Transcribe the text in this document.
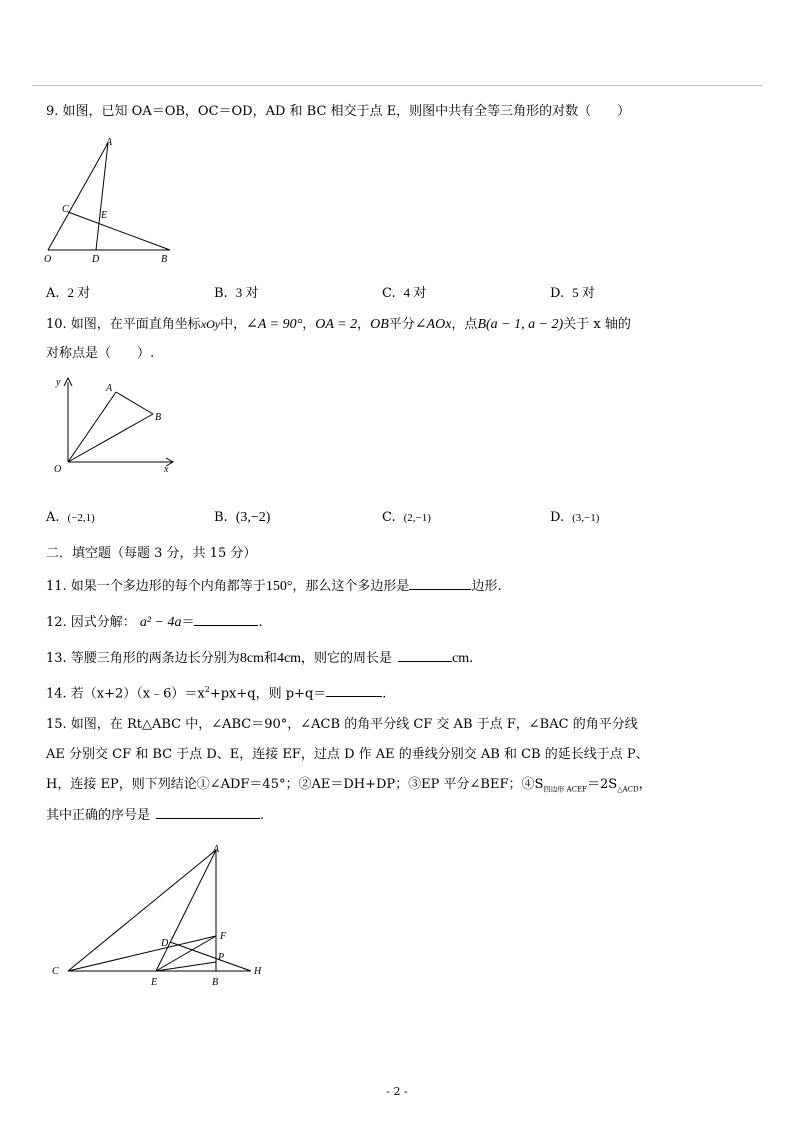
9. 如图，已知 OA＝OB，OC＝OD，AD 和 BC 相交于点 E，则图中共有全等三角形的对数（　　）
A
C
E
O	D	B
A. 2 对	B. 3 对	C. 4 对	D. 5 对
10. 如图，在平面直角坐标xOy中，∠A = 90°，OA = 2，OB平分∠AOx，点B(a − 1, a − 2)关于 x 轴的
对称点是（　　）.
y
A
B
O	x
A. (−2,1)	B. (3,−2)	C. (2,−1)	D. (3,−1)
二．填空题（每题 3 分，共 15 分）
11. 如果一个多边形的每个内角都等于150°，那么这个多边形是	边形.
12. 因式分解： a² − 4a＝	.
13. 等腰三角形的两条边长分别为8cm和4cm，则它的周长是	cm.
14. 若$(x+2)(x﹣6)=x^2+px+q$，则 p+q＝	.
15. 如图，在 Rt△ABC 中，∠ABC＝90°，∠ACB 的角平分线 CF 交 AB 于点 F，∠BAC 的角平分线
AE 分别交 CF 和 BC 于点 D、E，连接 EF，过点 D 作 AE 的垂线分别交 AB 和 CB 的延长线于点 P、
H，连接 EP，则下列结论①∠ADF＝45°；②AE＝DH+DP；③EP 平分∠BEF；$④S_{四边形 ACEF}=2S_{\triangle ACD}$，
其中正确的序号是	.
A
D
F
C
P
H
E	B
- 2 -
